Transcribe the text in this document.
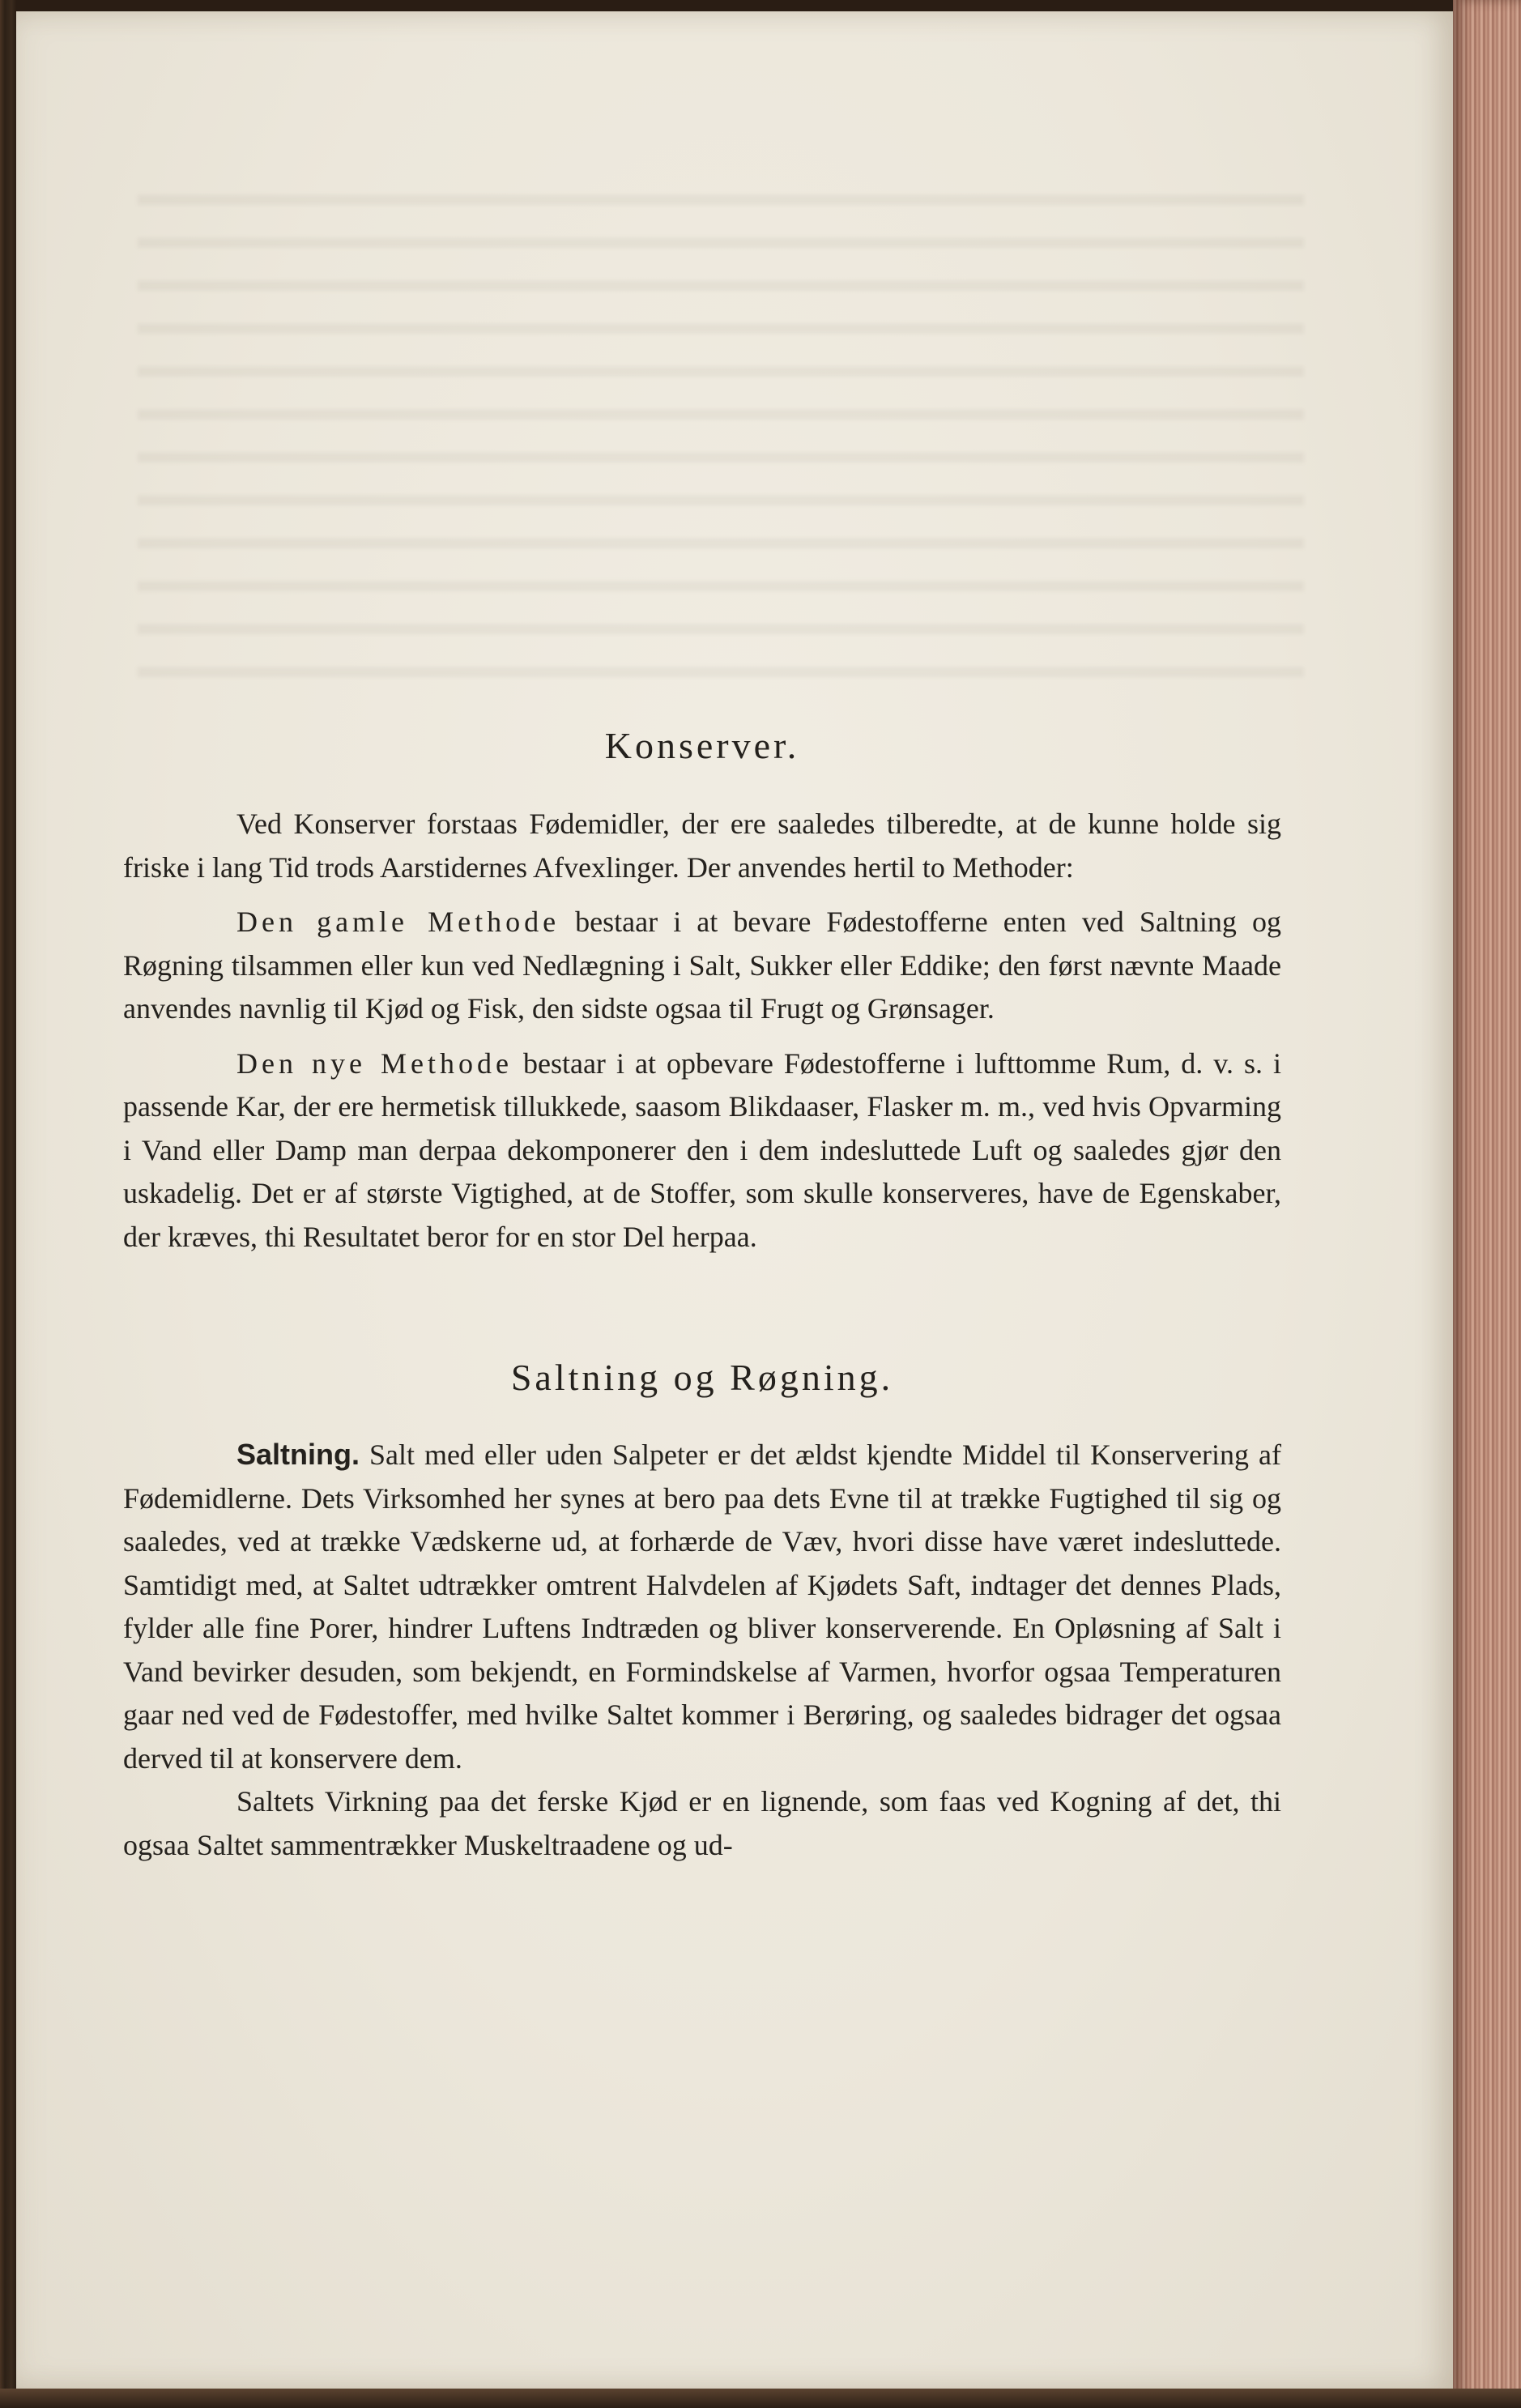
Konserver.

Ved Konserver forstaas Fødemidler, der ere saaledes tilberedte, at de kunne holde sig friske i lang Tid trods Aarstidernes Afvexlinger. Der anvendes hertil to Methoder:

Den gamle Methode bestaar i at bevare Fødestofferne enten ved Saltning og Røgning tilsammen eller kun ved Nedlægning i Salt, Sukker eller Eddike; den først nævnte Maade anvendes navnlig til Kjød og Fisk, den sidste ogsaa til Frugt og Grønsager.

Den nye Methode bestaar i at opbevare Fødestofferne i lufttomme Rum, d. v. s. i passende Kar, der ere hermetisk tillukkede, saasom Blikdaaser, Flasker m. m., ved hvis Opvarming i Vand eller Damp man derpaa dekomponerer den i dem indesluttede Luft og saaledes gjør den uskadelig. Det er af største Vigtighed, at de Stoffer, som skulle konserveres, have de Egenskaber, der kræves, thi Resultatet beror for en stor Del herpaa.

Saltning og Røgning.

Saltning. Salt med eller uden Salpeter er det ældst kjendte Middel til Konservering af Fødemidlerne. Dets Virksomhed her synes at bero paa dets Evne til at trække Fugtighed til sig og saaledes, ved at trække Vædskerne ud, at forhærde de Væv, hvori disse have været indesluttede. Samtidigt med, at Saltet udtrækker omtrent Halvdelen af Kjødets Saft, indtager det dennes Plads, fylder alle fine Porer, hindrer Luftens Indtræden og bliver konserverende. En Opløsning af Salt i Vand bevirker desuden, som bekjendt, en Formindskelse af Varmen, hvorfor ogsaa Temperaturen gaar ned ved de Fødestoffer, med hvilke Saltet kommer i Berøring, og saaledes bidrager det ogsaa derved til at konservere dem.

Saltets Virkning paa det ferske Kjød er en lignende, som faas ved Kogning af det, thi ogsaa Saltet sammentrækker Muskeltraadene og ud-
